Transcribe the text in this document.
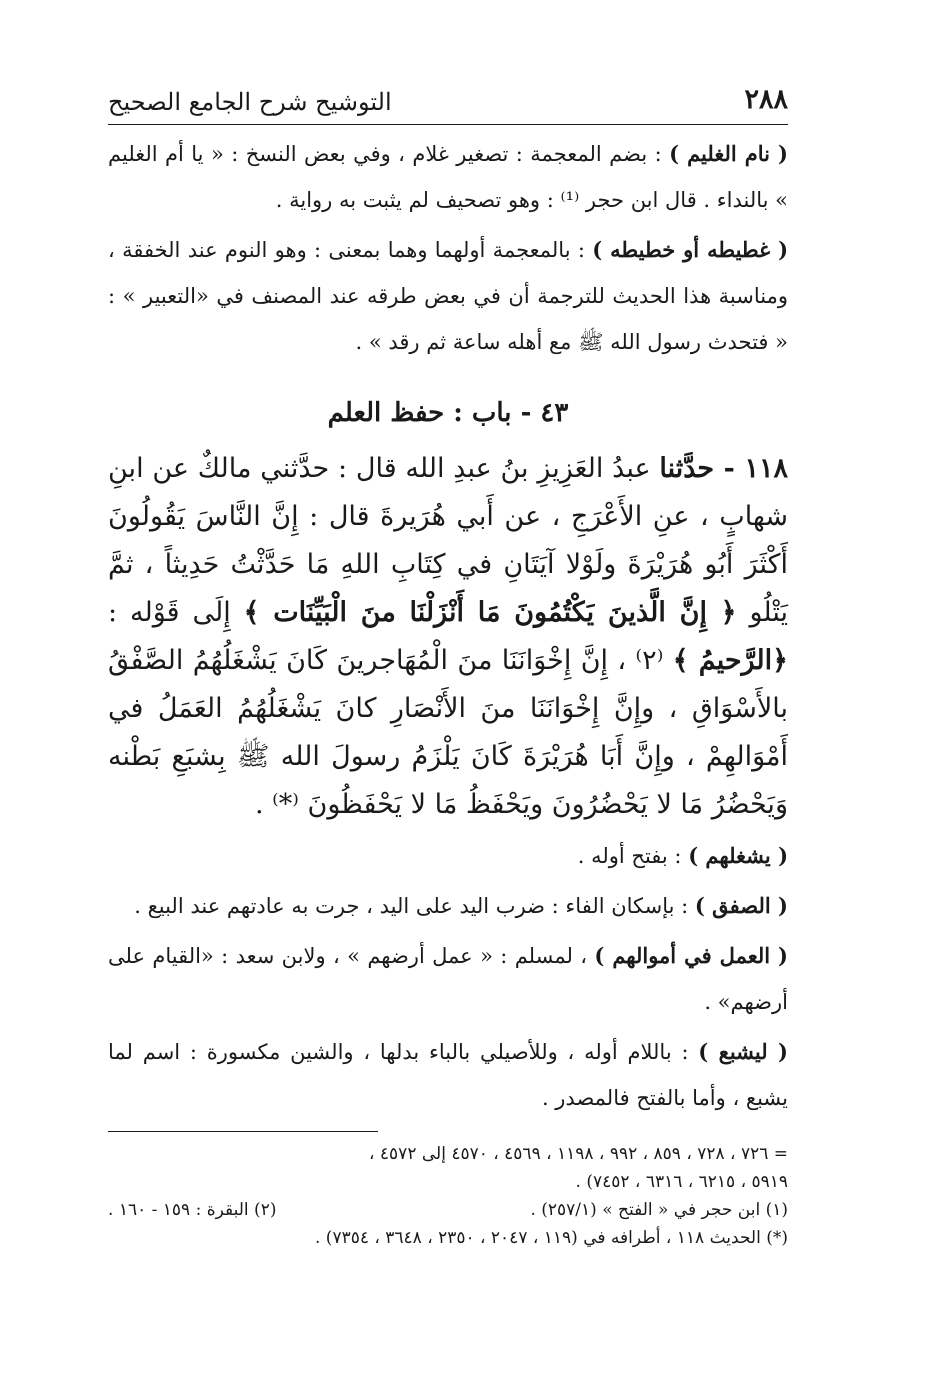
٢٨٨
التوشيح شرح الجامع الصحيح

( نام الغليم ) : بضم المعجمة : تصغير غلام ، وفي بعض النسخ : « يا أم الغليم » بالنداء . قال ابن حجر ⁽¹⁾ : وهو تصحيف لم يثبت به رواية .

( غطيطه أو خطيطه ) : بالمعجمة أولهما وهما بمعنى : وهو النوم عند الخفقة ، ومناسبة هذا الحديث للترجمة أن في بعض طرقه عند المصنف في «التعبير » : « فتحدث رسول الله ﷺ مع أهله ساعة ثم رقد » .

٤٣ - باب : حفظ العلم

١١٨ - حدَّثنا عبدُ العَزِيزِ بنُ عبدِ الله قال : حدَّثني مالكٌ عن ابنِ شهابٍ ، عنِ الأَعْرَجِ ، عن أَبي هُرَيرةَ قال : إِنَّ النَّاسَ يَقُولُونَ أَكْثَرَ أَبُو هُرَيْرَةَ ولَوْلا آيَتَانِ في كِتَابِ اللهِ مَا حَدَّثْتُ حَدِيثاً ، ثمَّ يَتْلُو ﴿ إِنَّ الَّذينَ يَكْتُمُونَ مَا أَنْزَلْنَا منَ الْبَيِّنَات ﴾ إِلَى قَوْله : ﴿الرَّحيمُ ﴾ ⁽٢⁾ ، إِنَّ إِخْوَانَنَا منَ الْمُهَاجرينَ كَانَ يَشْغَلُهُمُ الصَّفْقُ بالأَسْوَاقِ ، وإِنَّ إِخْوَانَنَا منَ الأَنْصَارِ كانَ يَشْغَلُهُمُ العَمَلُ في أَمْوَالهِمْ ، وإِنَّ أَبَا هُرَيْرَةَ كَانَ يَلْزَمُ رسولَ الله ﷺ بِشبَعِ بَطْنه وَيَحْضُرُ مَا لا يَحْضُرُونَ ويَحْفَظُ مَا لا يَحْفَظُونَ ⁽*⁾ .

( يشغلهم ) : بفتح أوله .

( الصفق ) : بإسكان الفاء : ضرب اليد على اليد ، جرت به عادتهم عند البيع .

( العمل في أموالهم ) ، لمسلم : « عمل أرضهم » ، ولابن سعد : «القيام على أرضهم» .

( ليشبع ) : باللام أوله ، وللأصيلي بالباء بدلها ، والشين مكسورة : اسم لما يشبع ، وأما بالفتح فالمصدر .

= ٧٢٦ ، ٧٢٨ ، ٨٥٩ ، ٩٩٢ ، ١١٩٨ ، ٤٥٦٩ ، ٤٥٧٠ إلى ٤٥٧٢ ،

٥٩١٩ ، ٦٢١٥ ، ٦٣١٦ ، ٧٤٥٢) .

(١) ابن حجر في « الفتح » (٢٥٧/١) .
(٢) البقرة : ١٥٩ - ١٦٠ .

(*) الحديث ١١٨ ، أطرافه في (١١٩ ، ٢٠٤٧ ، ٢٣٥٠ ، ٣٦٤٨ ، ٧٣٥٤) .
